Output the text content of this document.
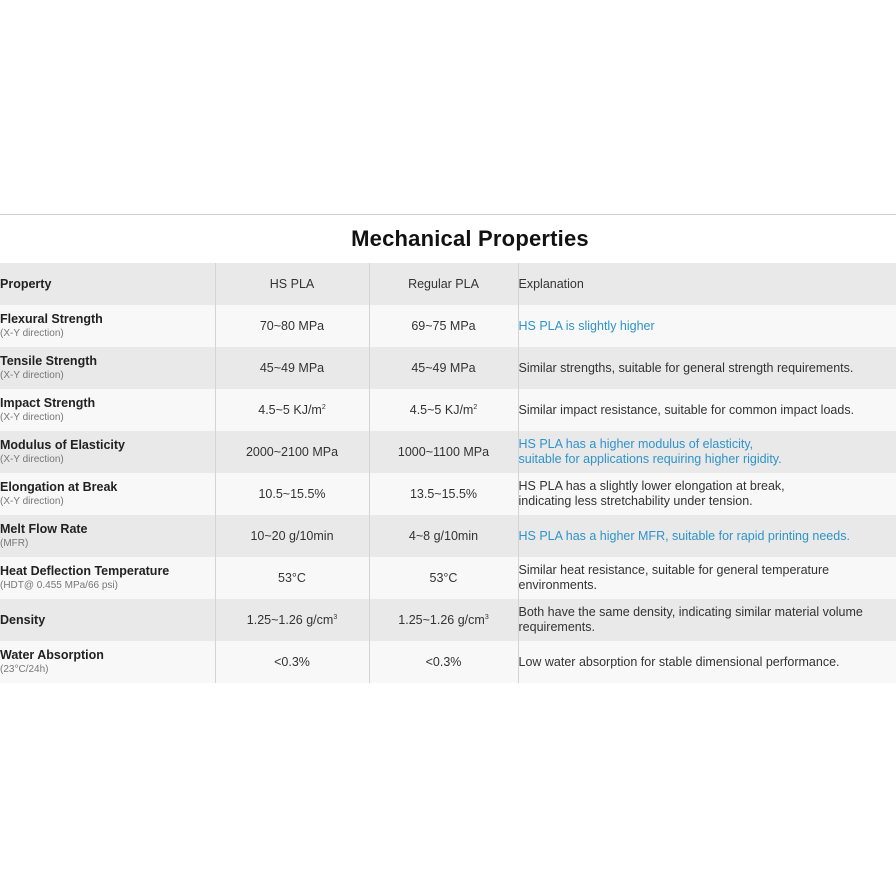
Mechanical Properties
Property	HS PLA	Regular PLA	Explanation

Flexural Strength
(X-Y direction)	70~80 MPa	69~75 MPa	HS PLA is slightly higher

Tensile Strength
(X-Y direction)	45~49 MPa	45~49 MPa	Similar strengths, suitable for general strength requirements.

Impact Strength
(X-Y direction)	4.5~5 $KJ/m^2$	4.5~5 $KJ/m^2$	Similar impact resistance, suitable for common impact loads.

Modulus of Elasticity
(X-Y direction)	2000~2100 MPa	1000~1100 MPa	HS PLA has a higher modulus of elasticity,
suitable for applications requiring higher rigidity.

Elongation at Break
(X-Y direction)	10.5~15.5%	13.5~15.5%	HS PLA has a slightly lower elongation at break,
indicating less stretchability under tension.

Melt Flow Rate
(MFR)	10~20 g/10min	4~8 g/10min	HS PLA has a higher MFR, suitable for rapid printing needs.

Heat Deflection Temperature
(HDT@ 0.455 MPa/66 psi)	53°C	53°C	Similar heat resistance, suitable for general temperature
environments.

Density	1.25~1.26 $g/cm^3$	1.25~1.26 $g/cm^3$	Both have the same density, indicating similar material volume
requirements.

Water Absorption
(23°C/24h)	<0.3%	<0.3%	Low water absorption for stable dimensional performance.
